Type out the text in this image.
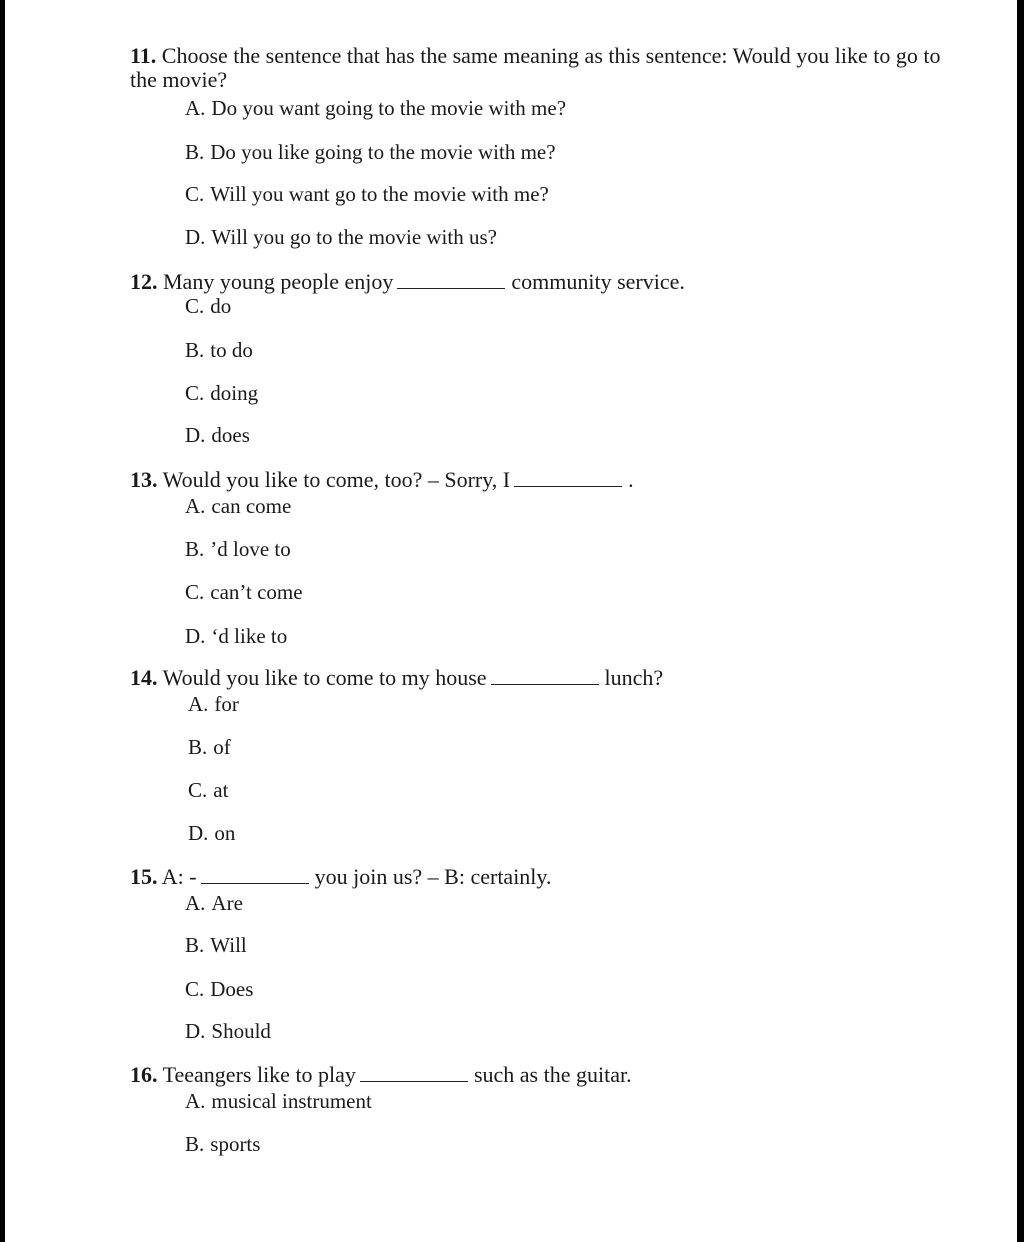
11. Choose the sentence that has the same meaning as this sentence: Would you like to go to the movie?
A. Do you want going to the movie with me?
B. Do you like going to the movie with me?
C. Will you want go to the movie with me?
D. Will you go to the movie with us?
12. Many young people enjoy	community service.
C. do
B. to do
C. doing
D. does
13. Would you like to come, too? – Sorry, I	.
A. can come
B. ’d love to
C. can’t come
D. ‘d like to
14. Would you like to come to my house	lunch?
A. for
B. of
C. at
D. on
15. A: -	you join us? – B: certainly.
A. Are
B. Will
C. Does
D. Should
16. Teeangers like to play	such as the guitar.
A. musical instrument
B. sports
